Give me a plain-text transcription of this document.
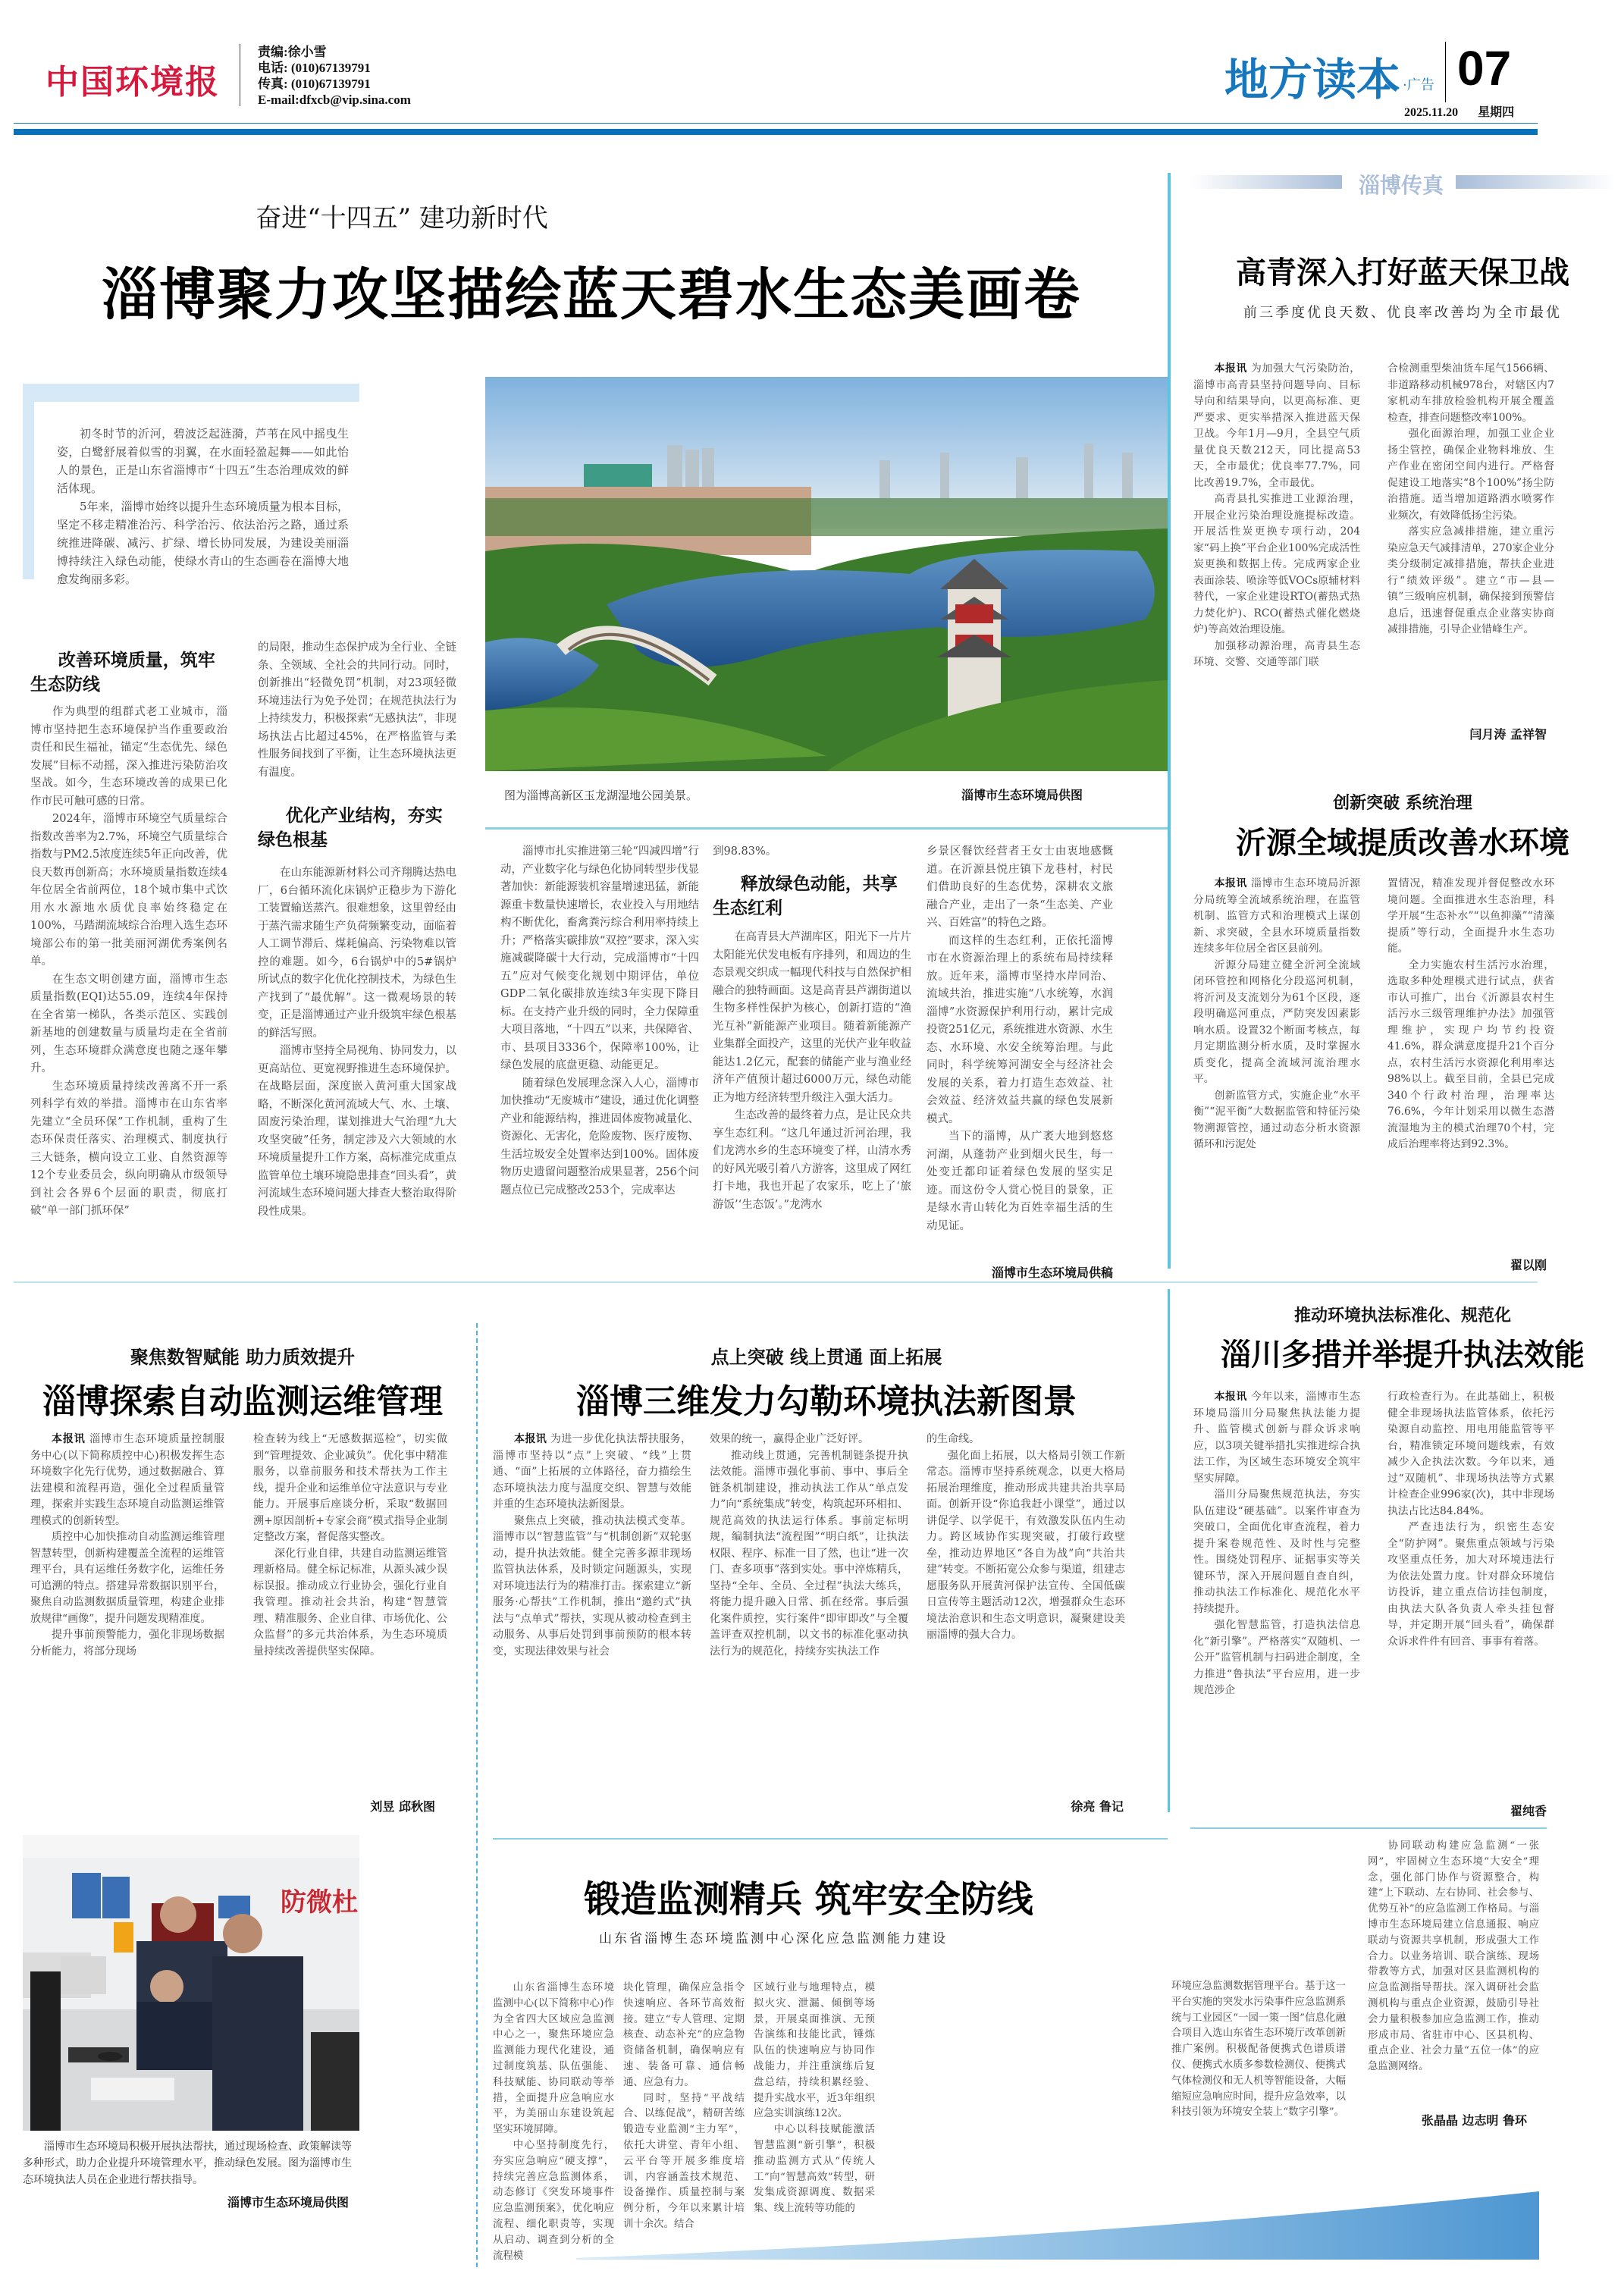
中国环境报
责编:徐小雪
电话: (010)67139791
传真: (010)67139791
E-mail:dfxcb@vip.sina.com	地方读本 ·广告 07
2025.11.20 星期四
奋进“十四五” 建功新时代
淄博聚力攻坚描绘蓝天碧水生态美画卷

初冬时节的沂河，碧波泛起涟漪，芦苇在风中摇曳生姿，白鹭舒展着似雪的羽翼，在水面轻盈起舞——如此怡人的景色，正是山东省淄博市“十四五”生态治理成效的鲜活体现。

5年来，淄博市始终以提升生态环境质量为根本目标，坚定不移走精准治污、科学治污、依法治污之路，通过系统推进降碳、减污、扩绿、增长协同发展，为建设美丽淄博持续注入绿色动能，使绿水青山的生态画卷在淄博大地愈发绚丽多彩。

图为淄博高新区玉龙湖湿地公园美景。	淄博市生态环境局供图
改善环境质量，筑牢生态防线

作为典型的组群式老工业城市，淄博市坚持把生态环境保护当作重要政治责任和民生福祉，锚定“生态优先、绿色发展”目标不动摇，深入推进污染防治攻坚战。如今，生态环境改善的成果已化作市民可触可感的日常。

2024年，淄博市环境空气质量综合指数改善率为2.7%，环境空气质量综合指数与PM2.5浓度连续5年正向改善，优良天数再创新高；水环境质量指数连续4年位居全省前两位，18个城市集中式饮用水水源地水质优良率始终稳定在100%，马踏湖流域综合治理入选生态环境部公布的第一批美丽河湖优秀案例名单。

在生态文明创建方面，淄博市生态质量指数(EQI)达55.09，连续4年保持在全省第一梯队，各类示范区、实践创新基地的创建数量与质量均走在全省前列，生态环境群众满意度也随之逐年攀升。

生态环境质量持续改善离不开一系列科学有效的举措。淄博市在山东省率先建立“全员环保”工作机制，重构了生态环保责任落实、治理模式、制度执行三大链条，横向设立工业、自然资源等12个专业委员会，纵向明确从市级领导到社会各界6个层面的职责，彻底打破“单一部门抓环保”

的局限，推动生态保护成为全行业、全链条、全领域、全社会的共同行动。同时，创新推出“轻微免罚”机制，对23项轻微环境违法行为免予处罚；在规范执法行为上持续发力，积极探索“无感执法”，非现场执法占比超过45%，在严格监管与柔性服务间找到了平衡，让生态环境执法更有温度。

优化产业结构，夯实绿色根基

在山东能源新材料公司齐翔腾达热电厂，6台循环流化床锅炉正稳步为下游化工装置输送蒸汽。很难想象，这里曾经由于蒸汽需求随生产负荷频繁变动，面临着人工调节滞后、煤耗偏高、污染物难以管控的难题。如今，6台锅炉中的5#锅炉所试点的数字化优化控制技术，为绿色生产找到了“最优解”。这一微观场景的转变，正是淄博通过产业升级筑牢绿色根基的鲜活写照。

淄博市坚持全局视角、协同发力，以更高站位、更宽视野推进生态环境保护。在战略层面，深度嵌入黄河重大国家战略，不断深化黄河流域大气、水、土壤、固废污染治理，谋划推进大气治理“九大攻坚突破”任务，制定涉及六大领域的水环境质量提升工作方案，高标准完成重点监管单位土壤环境隐患排查“回头看”，黄河流域生态环境问题大排查大整治取得阶段性成果。

淄博市扎实推进第三轮“四减四增”行动，产业数字化与绿色化协同转型步伐显著加快：新能源装机容量增速迅猛，新能源重卡数量快速增长，农业投入与用地结构不断优化，畜禽粪污综合利用率持续上升；严格落实碳排放“双控”要求，深入实施减碳降碳十大行动，完成淄博市“十四五”应对气候变化规划中期评估，单位GDP二氧化碳排放连续3年实现下降目标。在支持产业升级的同时，全力保障重大项目落地，“十四五”以来，共保障省、市、县项目3336个，保障率100%，让绿色发展的底盘更稳、动能更足。

随着绿色发展理念深入人心，淄博市加快推动“无废城市”建设，通过优化调整产业和能源结构，推进固体废物减量化、资源化、无害化，危险废物、医疗废物、生活垃圾安全处置率达到100%。固体废物历史遗留问题整治成果显著，256个问题点位已完成整改253个，完成率达

到98.83%。
释放绿色动能，共享生态红利

在高青县大芦湖库区，阳光下一片片太阳能光伏发电板有序排列，和周边的生态景观交织成一幅现代科技与自然保护相融合的独特画面。这是高青县芦湖街道以生物多样性保护为核心，创新打造的“渔光互补”新能源产业项目。随着新能源产业集群全面投产，这里的光伏产业年收益能达1.2亿元，配套的储能产业与渔业经济年产值预计超过6000万元，绿色动能正为地方经济转型升级注入强大活力。

生态改善的最终着力点，是让民众共享生态红利。“这几年通过沂河治理，我们龙湾水乡的生态环境变了样，山清水秀的好风光吸引着八方游客，这里成了网红打卡地，我也开起了农家乐，吃上了‘旅游饭’‘生态饭’。”龙湾水

乡景区餐饮经营者王女士由衷地感慨道。在沂源县悦庄镇下龙巷村，村民们借助良好的生态优势，深耕农文旅融合产业，走出了一条“生态美、产业兴、百姓富”的特色之路。

而这样的生态红利，正依托淄博市在水资源治理上的系统布局持续释放。近年来，淄博市坚持水岸同治、流域共治，推进实施“八水统筹，水润淄博”水资源保护利用行动，累计完成投资251亿元，系统推进水资源、水生态、水环境、水安全统筹治理。与此同时，科学统筹河湖安全与经济社会发展的关系，着力打造生态效益、社会效益、经济效益共赢的绿色发展新模式。

当下的淄博，从广袤大地到悠悠河湖，从蓬勃产业到烟火民生，每一处变迁都印证着绿色发展的坚实足迹。而这份令人赏心悦目的景象，正是绿水青山转化为百姓幸福生活的生动见证。

淄博市生态环境局供稿
淄博传真
高青深入打好蓝天保卫战
前三季度优良天数、优良率改善均为全市最优

本报讯 为加强大气污染防治，淄博市高青县坚持问题导向、目标导向和结果导向，以更高标准、更严要求、更实举措深入推进蓝天保卫战。今年1月—9月，全县空气质量优良天数212天，同比提高53天，全市最优；优良率77.7%，同比改善19.7%，全市最优。

高青县扎实推进工业源治理，开展企业污染治理设施提标改造。开展活性炭更换专项行动，204家“码上换”平台企业100%完成活性炭更换和数据上传。完成两家企业表面涂装、喷涂等低VOCs原辅材料替代，一家企业建设RTO(蓄热式热力焚化炉)、RCO(蓄热式催化燃烧炉)等高效治理设施。

加强移动源治理，高青县生态环境、交警、交通等部门联

合检测重型柴油货车尾气1566辆、非道路移动机械978台，对辖区内7家机动车排放检验机构开展全覆盖检查，排查问题整改率100%。

强化面源治理，加强工业企业扬尘管控，确保企业物料堆放、生产作业在密闭空间内进行。严格督促建设工地落实“8个100%”扬尘防治措施。适当增加道路洒水喷雾作业频次，有效降低扬尘污染。

落实应急减排措施，建立重污染应急天气减排清单，270家企业分类分级制定减排措施，帮扶企业进行“绩效评级”。建立“市—县—镇”三级响应机制，确保接到预警信息后，迅速督促重点企业落实协商减排措施，引导企业错峰生产。

闫月涛 孟祥智
创新突破 系统治理
沂源全域提质改善水环境

本报讯 淄博市生态环境局沂源分局统筹全流域系统治理，在监管机制、监管方式和治理模式上谋创新、求突破，全县水环境质量指数连续多年位居全省区县前列。

沂源分局建立健全沂河全流域闭环管控和网格化分段巡河机制，将沂河及支流划分为61个区段，逐段明确巡河重点，严防突发因素影响水质。设置32个断面考核点，每月定期监测分析水质，及时掌握水质变化，提高全流域河流治理水平。

创新监管方式，实施企业“水平衡”“泥平衡”大数据监管和特征污染物溯源管控，通过动态分析水资源循环和污泥处

置情况，精准发现并督促整改水环境问题。全面推进水生态治理，科学开展“生态补水”“以鱼抑藻”“清藻提质”等行动，全面提升水生态功能。

全力实施农村生活污水治理，选取多种处理模式进行试点，获省市认可推广，出台《沂源县农村生活污水三级管理维护办法》加强管理维护，实现户均节约投资41.6%，群众满意度提升21个百分点，农村生活污水资源化利用率达98%以上。截至目前，全县已完成340个行政村治理，治理率达76.6%，今年计划采用以微生态潜流湿地为主的模式治理70个村，完成后治理率将达到92.3%。

翟以刚
聚焦数智赋能 助力质效提升
淄博探索自动监测运维管理

本报讯 淄博市生态环境质量控制服务中心(以下简称质控中心)积极发挥生态环境数字化先行优势，通过数据融合、算法建模和流程再造，强化全过程质量管理，探索并实践生态环境自动监测运维管理模式的创新转型。

质控中心加快推动自动监测运维管理智慧转型，创新构建覆盖全流程的运维管理平台，具有运维任务数字化，运维任务可追溯的特点。搭建异常数据识别平台，聚焦自动监测数据质量管理，构建企业排放规律“画像”，提升问题发现精准度。

提升事前预警能力，强化非现场数据分析能力，将部分现场

检查转为线上“无感数据巡检”，切实做到“管理提效、企业减负”。优化事中精准服务，以靠前服务和技术帮扶为工作主线，提升企业和运维单位守法意识与专业能力。开展事后座谈分析，采取“数据回溯+原因剖析+专家会商”模式指导企业制定整改方案，督促落实整改。

深化行业自律，共建自动监测运维管理新格局。健全标记标准，从源头减少误标误报。推动成立行业协会，强化行业自我管理。推动社会共治，构建“智慧管理、精准服务、企业自律、市场优化、公众监督”的多元共治体系，为生态环境质量持续改善提供坚实保障。

刘昱 邱秋图
点上突破 线上贯通 面上拓展
淄博三维发力勾勒环境执法新图景

本报讯 为进一步优化执法帮扶服务，淄博市坚持以“点”上突破、“线”上贯通、“面”上拓展的立体路径，奋力描绘生态环境执法力度与温度交织、智慧与效能并重的生态环境执法新图景。

聚焦点上突破，推动执法模式变革。淄博市以“智慧监管”与“机制创新”双轮驱动，提升执法效能。健全完善多源非现场监管执法体系，及时锁定问题源头，实现对环境违法行为的精准打击。探索建立“新服务·心帮扶”工作机制，推出“邀约式”执法与“点单式”帮扶，实现从被动检查到主动服务、从事后处罚到事前预防的根本转变，实现法律效果与社会

效果的统一，赢得企业广泛好评。

推动线上贯通，完善机制链条提升执法效能。淄博市强化事前、事中、事后全链条机制建设，推动执法工作从“单点发力”向“系统集成”转变，构筑起环环相扣、规范高效的执法运行体系。事前定标明规，编制执法“流程图”“明白纸”，让执法权限、程序、标准一目了然，也让“进一次门、查多项事”落到实处。事中淬炼精兵，坚持“全年、全员、全过程”执法大练兵，将能力提升融入日常、抓在经常。事后强化案件质控，实行案件“即审即改”与全覆盖评查双控机制，以文书的标准化驱动执法行为的规范化，持续夯实执法工作

的生命线。

强化面上拓展，以大格局引领工作新常态。淄博市坚持系统观念，以更大格局拓展治理维度，推动形成共建共治共享局面。创新开设“你追我赶小课堂”，通过以讲促学、以学促干，有效激发队伍内生动力。跨区域协作实现突破，打破行政壁垒，推动边界地区“各自为战”向“共治共建”转变。不断拓宽公众参与渠道，组建志愿服务队开展黄河保护法宣传、全国低碳日宣传等主题活动12次，增强群众生态环境法治意识和生态文明意识，凝聚建设美丽淄博的强大合力。

徐亮 鲁记
推动环境执法标准化、规范化
淄川多措并举提升执法效能

本报讯 今年以来，淄博市生态环境局淄川分局聚焦执法能力提升、监管模式创新与群众诉求响应，以3项关键举措扎实推进综合执法工作，为区域生态环境安全筑牢坚实屏障。

淄川分局聚焦规范执法，夯实队伍建设“硬基础”。以案件审查为突破口，全面优化审查流程，着力提升案卷规范性、及时性与完整性。围绕处罚程序、证据事实等关键环节，深入开展问题自查自纠，推动执法工作标准化、规范化水平持续提升。

强化智慧监管，打造执法信息化“新引擎”。严格落实“双随机、一公开”监管机制与扫码进企制度，全力推进“鲁执法”平台应用，进一步规范涉企

行政检查行为。在此基础上，积极健全非现场执法监管体系，依托污染源自动监控、用电用能监管等平台，精准锁定环境问题线索，有效减少入企执法次数。今年以来，通过“双随机”、非现场执法等方式累计检查企业996家(次)，其中非现场执法占比达84.84%。

严查违法行为，织密生态安全“防护网”。聚焦重点领域与污染攻坚重点任务，加大对环境违法行为依法处置力度。针对群众环境信访投诉，建立重点信访挂包制度，由执法大队各负责人牵头挂包督导，并定期开展“回头看”，确保群众诉求件件有回音、事事有着落。

翟纯香
防微杜
淄博市生态环境局积极开展执法帮扶，通过现场检查、政策解读等多种形式，助力企业提升环境管理水平，推动绿色发展。图为淄博市生态环境执法人员在企业进行帮扶指导。
淄博市生态环境局供图
锻造监测精兵 筑牢安全防线
山东省淄博生态环境监测中心深化应急监测能力建设

山东省淄博生态环境监测中心(以下简称中心)作为全省四大区域应急监测中心之一，聚焦环境应急监测能力现代化建设，通过制度筑基、队伍强能、科技赋能、协同联动等举措，全面提升应急响应水平，为美丽山东建设筑起坚实环境屏障。

中心坚持制度先行，夯实应急响应“硬支撑”，持续完善应急监测体系，动态修订《突发环境事件应急监测预案》，优化响应流程、细化职责等，实现从启动、调查到分析的全流程模

块化管理，确保应急指令快速响应、各环节高效衔接。建立“专人管理、定期核查、动态补充”的应急物资储备机制，确保响应有速、装备可靠、通信畅通、应急有力。

同时，坚持“平战结合、以练促战”，精研苦练锻造专业监测“主力军”，依托大讲堂、青年小组、云平台等开展多维度培训，内容涵盖技术规范、设备操作、质量控制与案例分析，今年以来累计培训十余次。结合

区域行业与地理特点，模拟火灾、泄漏、倾倒等场景，开展桌面推演、无预告演练和技能比武，锤炼队伍的快速响应与协同作战能力，并注重演练后复盘总结，持续积累经验、提升实战水平，近3年组织应急实训演练12次。

中心以科技赋能激活智慧监测“新引擎”，积极推动监测方式从“传统人工”向“智慧高效”转型，研发集成资源调度、数据采集、线上流转等功能的

环境应急监测数据管理平台。基于这一平台实施的突发水污染事件应急监测系统与工业园区“一园一策一图”信息化融合项目入选山东省生态环境厅改革创新推广案例。积极配备便携式色谱质谱仪、便携式水质多参数检测仪、便携式气体检测仪和无人机等智能设备，大幅缩短应急响应时间，提升应急效率，以科技引领为环境安全装上“数字引擎”。

协同联动构建应急监测“一张网”，牢固树立生态环境“大安全”理念，强化部门协作与资源整合，构建“上下联动、左右协同、社会参与、优势互补”的应急监测工作格局。与淄博市生态环境局建立信息通报、响应联动与资源共享机制，形成强大工作合力。以业务培训、联合演练、现场带教等方式，加强对区县监测机构的应急监测指导帮扶。深入调研社会监测机构与重点企业资源，鼓励引导社会力量积极参加应急监测工作，推动形成市局、省驻市中心、区县机构、重点企业、社会力量“五位一体”的应急监测网络。

张晶晶 边志明 鲁环
